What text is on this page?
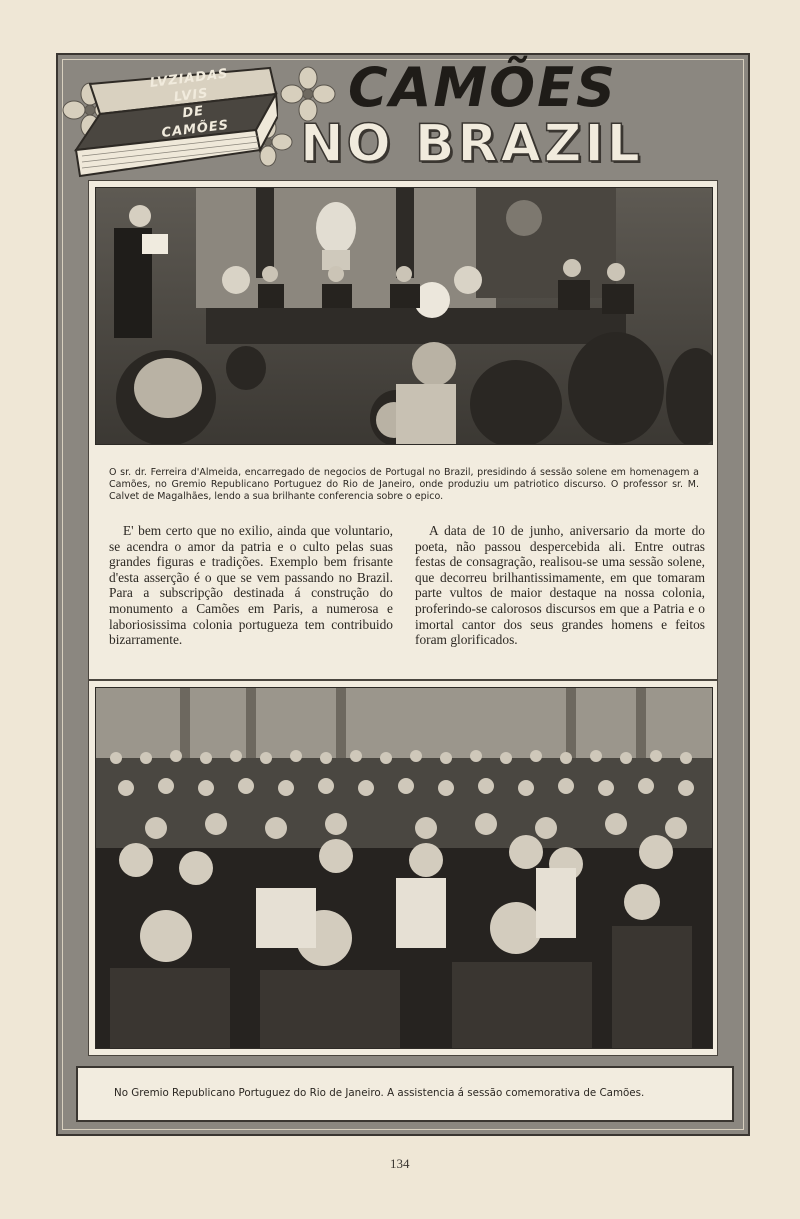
LVZIADAS
LVIS
DE
CAMÕES
CAMÕES
NO BRAZIL
O sr. dr. Ferreira d'Almeida, encarregado de negocios de Portugal no Brazil, presidindo á sessão solene em homenagem a Camões, no Gremio Republicano Portuguez do Rio de Janeiro, onde produziu um patriotico discurso. O professor sr. M. Calvet de Magalhães, lendo a sua brilhante conferencia sobre o epico.
E' bem certo que no exilio, ainda que voluntario, se acendra o amor da patria e o culto pelas suas grandes figuras e tradições. Exemplo bem frisante d'esta asserção é o que se vem passando no Brazil. Para a subscripção destinada á construção do monumento a Camões em Paris, a numerosa e laboriosissima colonia portugueza tem contribuido bizarramente.
A data de 10 de junho, aniversario da morte do poeta, não passou despercebida ali. Entre outras festas de consagração, realisou-se uma sessão solene, que decorreu brilhantissimamente, em que tomaram parte vultos de maior destaque na nossa colonia, proferindo-se calorosos discursos em que a Patria e o imortal cantor dos seus grandes homens e feitos foram glorificados.
No Gremio Republicano Portuguez do Rio de Janeiro. A assistencia á sessão comemorativa de Camões.
134
